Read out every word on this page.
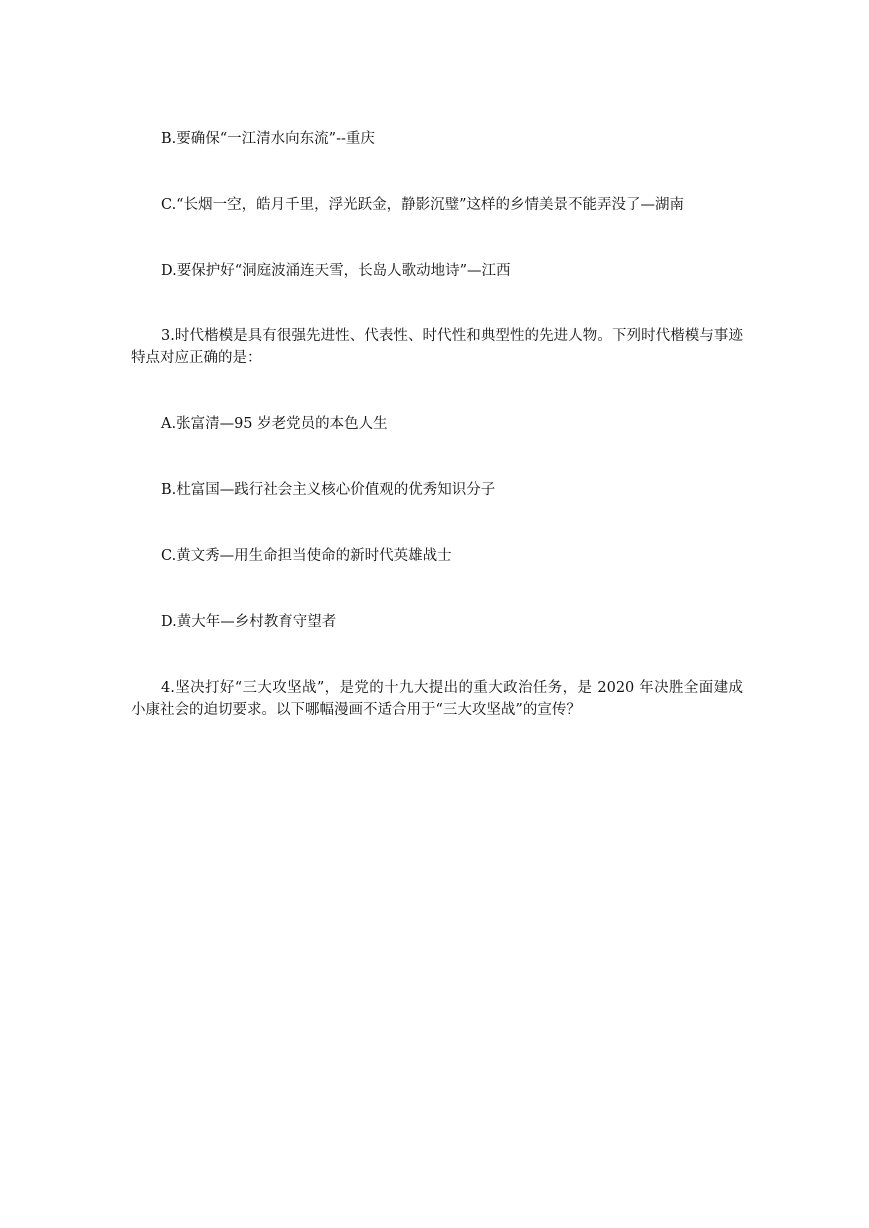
B.要确保“一江清水向东流”--重庆
C.“长烟一空，皓月千里，浮光跃金，静影沉璧”这样的乡情美景不能弄没了—湖南
D.要保护好“洞庭波涌连天雪，长岛人歌动地诗”—江西
3.时代楷模是具有很强先进性、代表性、时代性和典型性的先进人物。下列时代楷模与事迹特点对应正确的是：
A.张富清—95 岁老党员的本色人生
B.杜富国—践行社会主义核心价值观的优秀知识分子
C.黄文秀—用生命担当使命的新时代英雄战士
D.黄大年—乡村教育守望者
4.坚决打好“三大攻坚战”，是党的十九大提出的重大政治任务，是 2020 年决胜全面建成小康社会的迫切要求。以下哪幅漫画不适合用于“三大攻坚战”的宣传？
